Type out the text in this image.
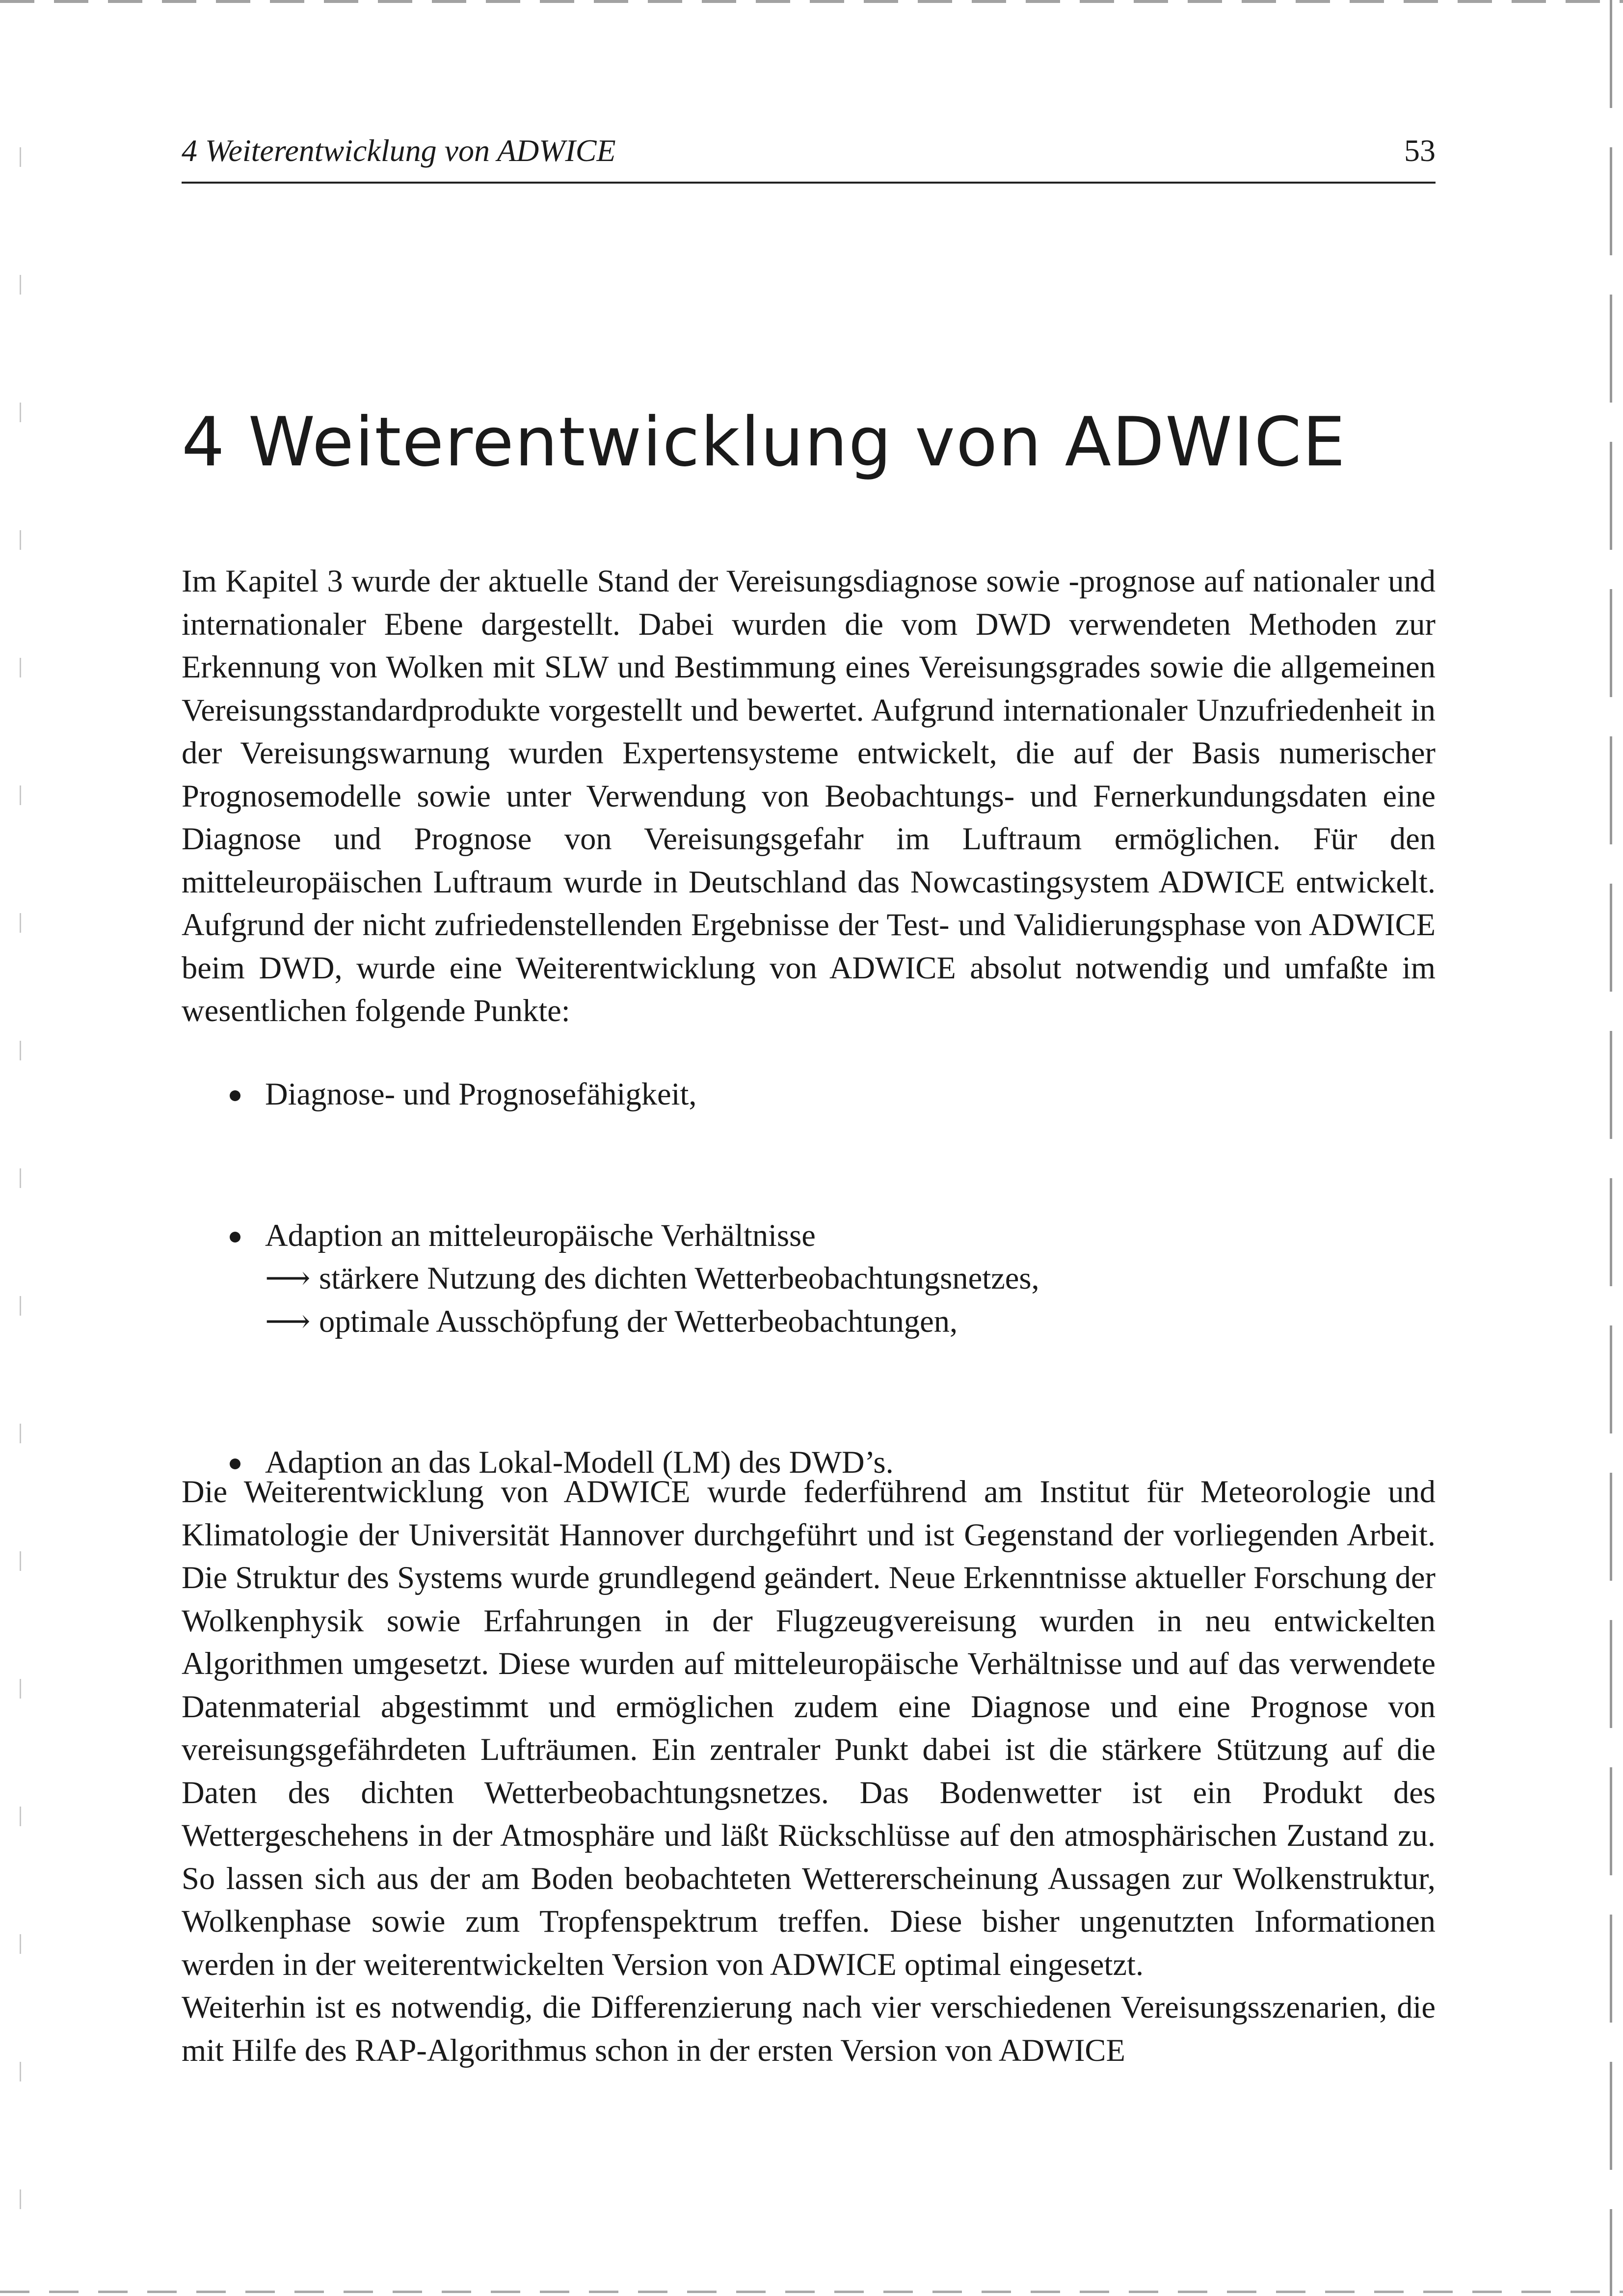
4 Weiterentwicklung von ADWICE	53
4 Weiterentwicklung von ADWICE

Im Kapitel 3 wurde der aktuelle Stand der Vereisungsdiagnose sowie -prognose auf nationaler und internationaler Ebene dargestellt. Dabei wurden die vom DWD verwendeten Methoden zur Erkennung von Wolken mit SLW und Bestimmung eines Vereisungsgrades sowie die allgemeinen Vereisungsstandardprodukte vorgestellt und bewertet. Aufgrund internationaler Unzufriedenheit in der Vereisungswarnung wurden Expertensysteme entwickelt, die auf der Basis numerischer Prognosemodelle sowie unter Verwendung von Beobachtungs- und Fernerkundungsdaten eine Diagnose und Prognose von Vereisungsgefahr im Luftraum ermöglichen. Für den mitteleuropäischen Luftraum wurde in Deutschland das Nowcastingsystem ADWICE entwickelt. Aufgrund der nicht zufriedenstellenden Ergebnisse der Test- und Validierungsphase von ADWICE beim DWD, wurde eine Weiterentwicklung von ADWICE absolut notwendig und umfaßte im wesentlichen folgende Punkte:

Diagnose- und Prognosefähigkeit,
Adaption an mitteleuropäische Verhältnisse
⟶ stärkere Nutzung des dichten Wetterbeobachtungsnetzes,
⟶ optimale Ausschöpfung der Wetterbeobachtungen,
Adaption an das Lokal-Modell (LM) des DWD’s.

Die Weiterentwicklung von ADWICE wurde federführend am Institut für Meteorologie und Klimatologie der Universität Hannover durchgeführt und ist Gegenstand der vorliegenden Arbeit. Die Struktur des Systems wurde grundlegend geändert. Neue Erkenntnisse aktueller Forschung der Wolkenphysik sowie Erfahrungen in der Flugzeugvereisung wurden in neu entwickelten Algorithmen umgesetzt. Diese wurden auf mitteleuropäische Verhältnisse und auf das verwendete Datenmaterial abgestimmt und ermöglichen zudem eine Diagnose und eine Prognose von vereisungsgefährdeten Lufträumen. Ein zentraler Punkt dabei ist die stärkere Stützung auf die Daten des dichten Wetterbeobachtungsnetzes. Das Bodenwetter ist ein Produkt des Wettergeschehens in der Atmosphäre und läßt Rückschlüsse auf den atmosphärischen Zustand zu. So lassen sich aus der am Boden beobachteten Wettererscheinung Aussagen zur Wolkenstruktur, Wolkenphase sowie zum Tropfenspektrum treffen. Diese bisher ungenutzten Informationen werden in der weiterentwickelten Version von ADWICE optimal eingesetzt.

Weiterhin ist es notwendig, die Differenzierung nach vier verschiedenen Vereisungsszenarien, die mit Hilfe des RAP-Algorithmus schon in der ersten Version von ADWICE
